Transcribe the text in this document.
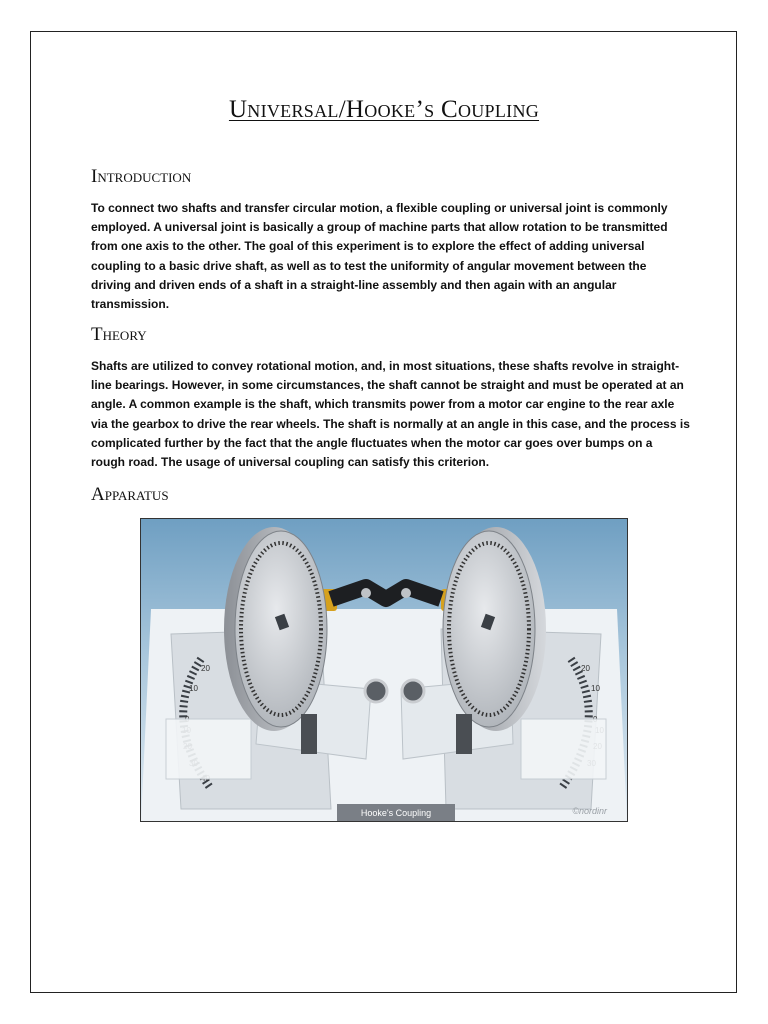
Universal/Hooke’s Coupling
Introduction
To connect two shafts and transfer circular motion, a flexible coupling or universal joint is commonly
employed. A universal joint is basically a group of machine parts that allow rotation to be transmitted
from one axis to the other. The goal of this experiment is to explore the effect of adding universal
coupling to a basic drive shaft, as well as to test the uniformity of angular movement between the
driving and driven ends of a shaft in a straight-line assembly and then again with an angular
transmission.
Theory
Shafts are utilized to convey rotational motion, and, in most situations, these shafts revolve in straight-
line bearings. However, in some circumstances, the shaft cannot be straight and must be operated at an
angle. A common example is the shaft, which transmits power from a motor car engine to the rear axle
via the gearbox to drive the rear wheels. The shaft is normally at an angle in this case, and the process is
complicated further by the fact that the angle fluctuates when the motor car goes over bumps on a
rough road. The usage of universal coupling can satisfy this criterion.
Apparatus
20
10
20
10
Hooke's Coupling	©nordinr
